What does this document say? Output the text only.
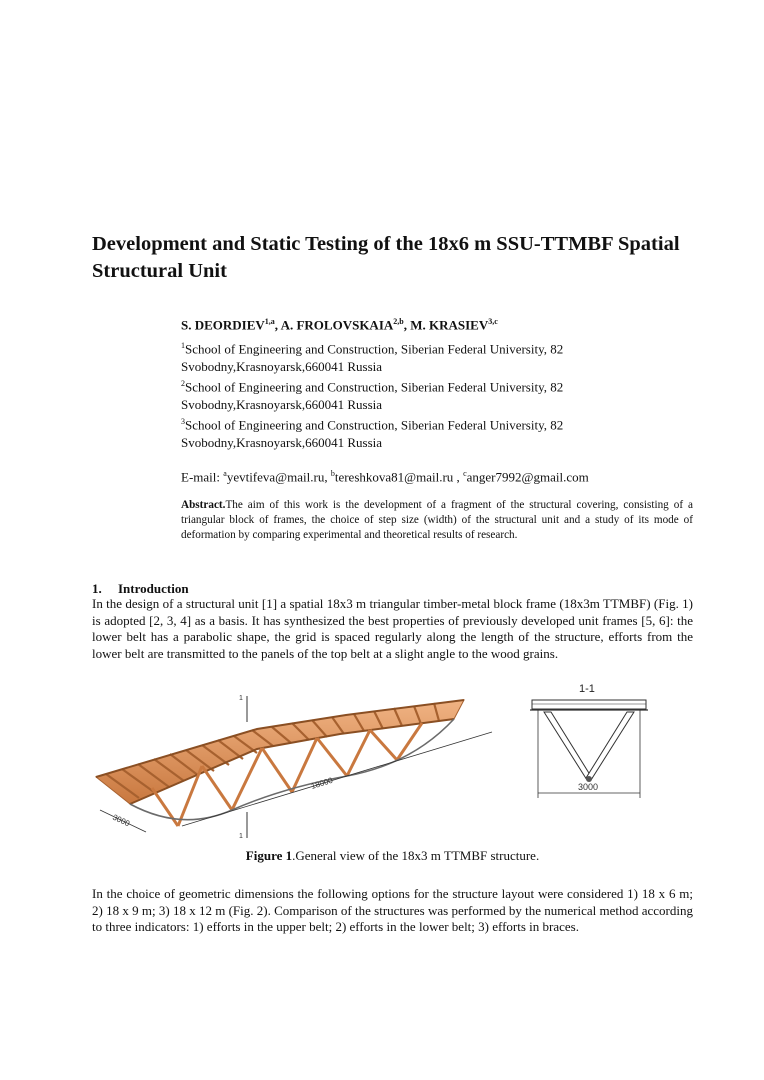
Development and Static Testing of the 18x6 m SSU-TTMBF Spatial Structural Unit
S. DEORDIEV$^{1,a}$, A. FROLOVSKAIA$^{2,b}$, M. KRASIEV$^{3,c}$
$^1$School of Engineering and Construction, Siberian Federal University, 82 Svobodny,Krasnoyarsk,660041 Russia
$^2$School of Engineering and Construction, Siberian Federal University, 82 Svobodny,Krasnoyarsk,660041 Russia
$^3$School of Engineering and Construction, Siberian Federal University, 82 Svobodny,Krasnoyarsk,660041 Russia
E-mail: $^a$yevtifeva@mail.ru, $^b$tereshkova81@mail.ru , $^c$anger7992@gmail.com
Abstract.The aim of this work is the development of a fragment of the structural covering, consisting of a triangular block of frames, the choice of step size (width) of the structural unit and a study of its mode of deformation by comparing experimental and theoretical results of research.
1. Introduction
In the design of a structural unit [1] a spatial 18x3 m triangular timber-metal block frame (18x3m TTMBF) (Fig. 1) is adopted [2, 3, 4] as a basis. It has synthesized the best properties of previously developed unit frames [5, 6]: the lower belt has a parabolic shape, the grid is spaced regularly along the length of the structure, efforts from the lower belt are transmitted to the panels of the top belt at a slight angle to the wood grains.
18000
3000
1
1
1-1
3000
Figure 1.General view of the 18x3 m TTMBF structure.
In the choice of geometric dimensions the following options for the structure layout were considered 1) 18 x 6 m; 2) 18 x 9 m; 3) 18 x 12 m (Fig. 2). Comparison of the structures was performed by the numerical method according to three indicators: 1) efforts in the upper belt; 2) efforts in the lower belt; 3) efforts in braces.
